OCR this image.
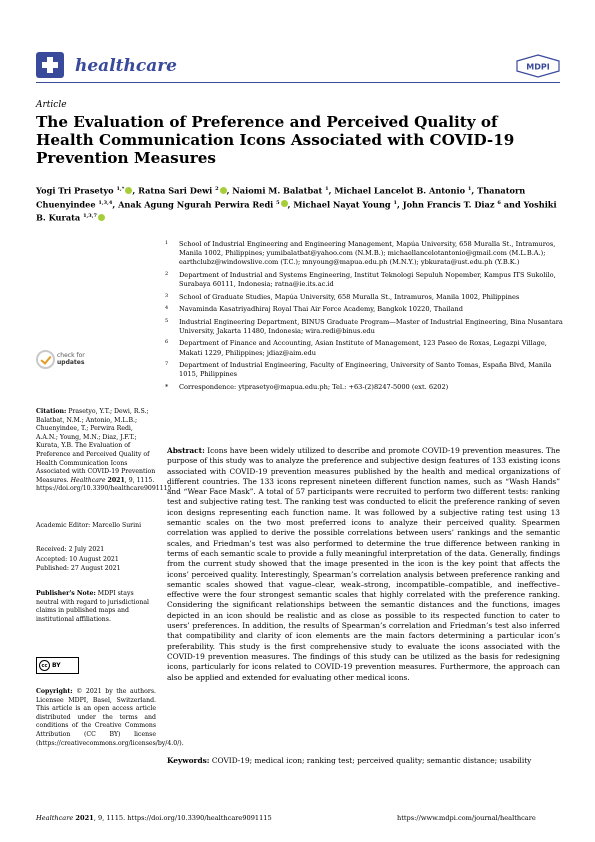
healthcare	MDPI
Article
The Evaluation of Preference and Perceived Quality of Health Communication Icons Associated with COVID-19 Prevention Measures
Yogi Tri Prasetyo $^{1,*}$ , Ratna Sari Dewi $^2$ , Naiomi M. Balatbat $^1$, Michael Lancelot B. Antonio $^1$, Thanatorn Chuenyindee $^{1,3,4}$, Anak Agung Ngurah Perwira Redi $^5$ , Michael Nayat Young $^1$, John Francis T. Diaz $^6$ and Yoshiki B. Kurata $^{1,3,7}$
1 School of Industrial Engineering and Engineering Management, Mapúa University, 658 Muralla St., Intramuros, Manila 1002, Philippines; yumibalatbat@yahoo.com (N.M.B.); michaellancelotantonio@gmail.com (M.L.B.A.); earthclubz@windowslive.com (T.C.); mnyoung@mapua.edu.ph (M.N.Y.); ybkurata@ust.edu.ph (Y.B.K.)
2 Department of Industrial and Systems Engineering, Institut Teknologi Sepuluh Nopember, Kampus ITS Sukolilo, Surabaya 60111, Indonesia; ratna@ie.its.ac.id
3 School of Graduate Studies, Mapúa University, 658 Muralla St., Intramuros, Manila 1002, Philippines
4 Navaminda Kasatriyadhiraj Royal Thai Air Force Academy, Bangkok 10220, Thailand
5 Industrial Engineering Department, BINUS Graduate Program—Master of Industrial Engineering, Bina Nusantara University, Jakarta 11480, Indonesia; wira.redi@binus.edu
6 Department of Finance and Accounting, Asian Institute of Management, 123 Paseo de Roxas, Legazpi Village, Makati 1229, Philippines; jdiaz@aim.edu
7 Department of Industrial Engineering, Faculty of Engineering, University of Santo Tomas, España Blvd, Manila 1015, Philippines
* Correspondence: ytprasetyo@mapua.edu.ph; Tel.: +63-(2)8247-5000 (ext. 6202)
check for
updates
Citation: Prasetyo, Y.T.; Dewi, R.S.; Balatbat, N.M.; Antonio, M.L.B.; Chuenyindee, T.; Perwira Redi, A.A.N.; Young, M.N.; Diaz, J.F.T.; Kurata, Y.B. The Evaluation of Preference and Perceived Quality of Health Communication Icons Associated with COVID-19 Prevention Measures. Healthcare 2021, 9, 1115. https://doi.org/10.3390/healthcare9091115
Academic Editor: Marcello Surini
Received: 2 July 2021
Accepted: 10 August 2021
Published: 27 August 2021
Publisher's Note: MDPI stays neutral with regard to jurisdictional claims in published maps and institutional affiliations.
cc BY
Copyright: © 2021 by the authors. Licensee MDPI, Basel, Switzerland. This article is an open access article distributed under the terms and conditions of the Creative Commons Attribution (CC BY) license (https://creativecommons.org/licenses/by/4.0/).
Abstract: Icons have been widely utilized to describe and promote COVID-19 prevention measures. The purpose of this study was to analyze the preference and subjective design features of 133 existing icons associated with COVID-19 prevention measures published by the health and medical organizations of different countries. The 133 icons represent nineteen different function names, such as “Wash Hands” and “Wear Face Mask”. A total of 57 participants were recruited to perform two different tests: ranking test and subjective rating test. The ranking test was conducted to elicit the preference ranking of seven icon designs representing each function name. It was followed by a subjective rating test using 13 semantic scales on the two most preferred icons to analyze their perceived quality. Spearmen correlation was applied to derive the possible correlations between users’ rankings and the semantic scales, and Friedman’s test was also performed to determine the true difference between ranking in terms of each semantic scale to provide a fully meaningful interpretation of the data. Generally, findings from the current study showed that the image presented in the icon is the key point that affects the icons’ perceived quality. Interestingly, Spearman’s correlation analysis between preference ranking and semantic scales showed that vague–clear, weak–strong, incompatible–compatible, and ineffective–effective were the four strongest semantic scales that highly correlated with the preference ranking. Considering the significant relationships between the semantic distances and the functions, images depicted in an icon should be realistic and as close as possible to its respected function to cater to users’ preferences. In addition, the results of Spearman’s correlation and Friedman’s test also inferred that compatibility and clarity of icon elements are the main factors determining a particular icon’s preferability. This study is the first comprehensive study to evaluate the icons associated with the COVID-19 prevention measures. The findings of this study can be utilized as the basis for redesigning icons, particularly for icons related to COVID-19 prevention measures. Furthermore, the approach can also be applied and extended for evaluating other medical icons.
Keywords: COVID-19; medical icon; ranking test; perceived quality; semantic distance; usability
Healthcare 2021, 9, 1115. https://doi.org/10.3390/healthcare9091115	https://www.mdpi.com/journal/healthcare
